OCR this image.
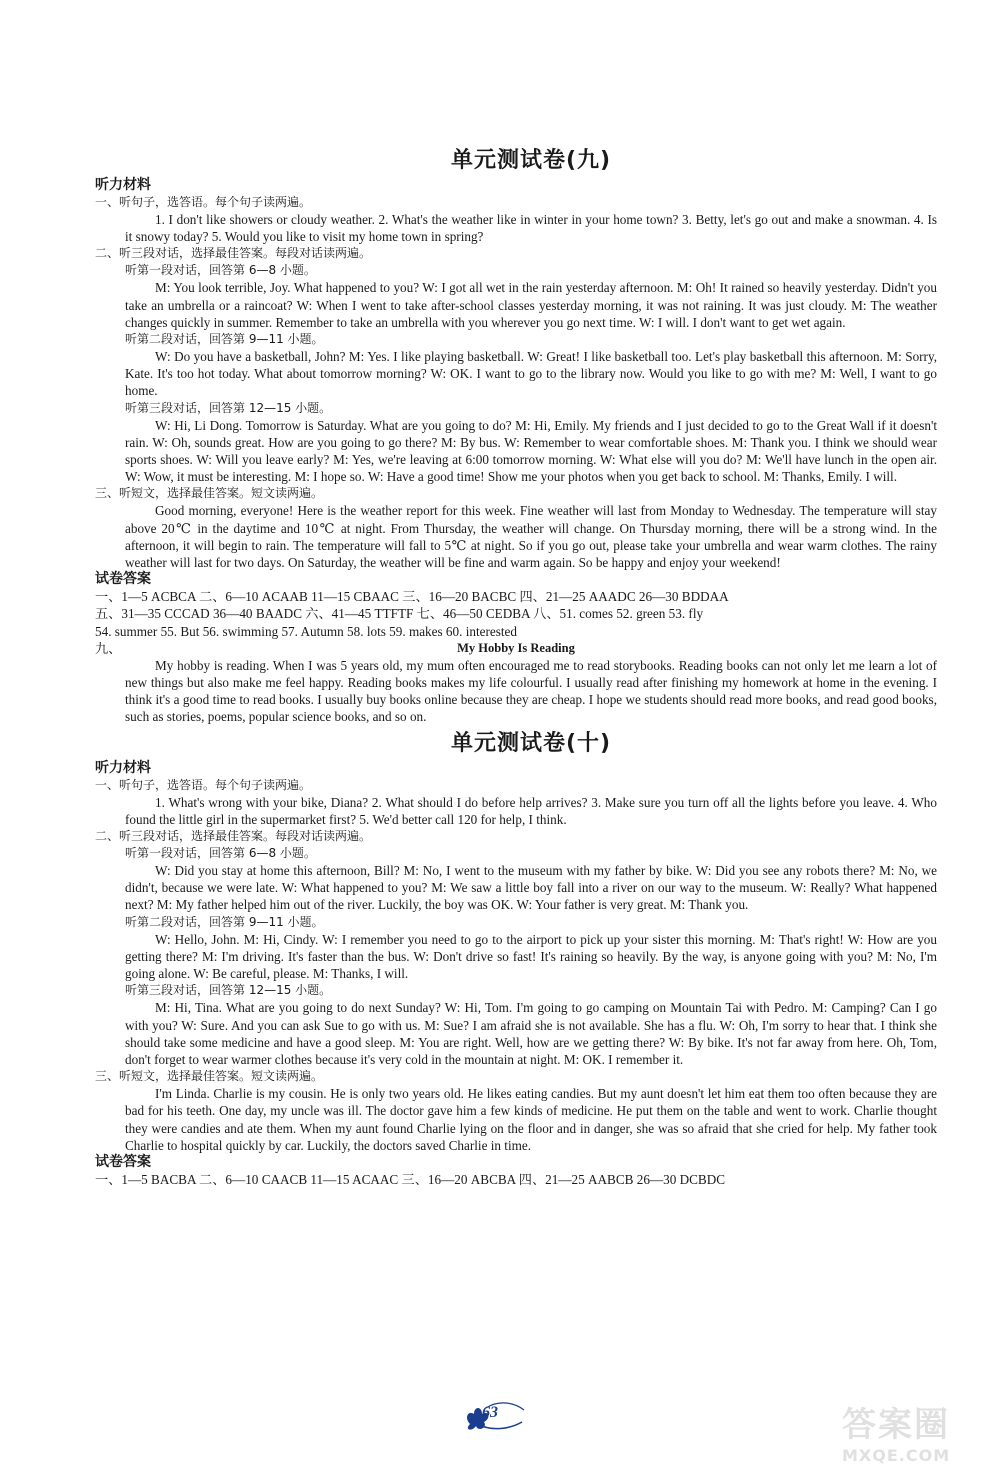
单元测试卷(九)
听力材料
一、听句子，选答语。每个句子读两遍。

1. I don't like showers or cloudy weather. 2. What's the weather like in winter in your home town? 3. Betty, let's go out and make a snowman. 4. Is it snowy today? 5. Would you like to visit my home town in spring?

二、听三段对话，选择最佳答案。每段对话读两遍。
听第一段对话，回答第 6—8 小题。

M: You look terrible, Joy. What happened to you? W: I got all wet in the rain yesterday afternoon. M: Oh! It rained so heavily yesterday. Didn't you take an umbrella or a raincoat? W: When I went to take after-school classes yesterday morning, it was not raining. It was just cloudy. M: The weather changes quickly in summer. Remember to take an umbrella with you wherever you go next time. W: I will. I don't want to get wet again.

听第二段对话，回答第 9—11 小题。

W: Do you have a basketball, John? M: Yes. I like playing basketball. W: Great! I like basketball too. Let's play basketball this afternoon. M: Sorry, Kate. It's too hot today. What about tomorrow morning? W: OK. I want to go to the library now. Would you like to go with me? M: Well, I want to go home.

听第三段对话，回答第 12—15 小题。

W: Hi, Li Dong. Tomorrow is Saturday. What are you going to do? M: Hi, Emily. My friends and I just decided to go to the Great Wall if it doesn't rain. W: Oh, sounds great. How are you going to go there? M: By bus. W: Remember to wear comfortable shoes. M: Thank you. I think we should wear sports shoes. W: Will you leave early? M: Yes, we're leaving at 6:00 tomorrow morning. W: What else will you do? M: We'll have lunch in the open air. W: Wow, it must be interesting. M: I hope so. W: Have a good time! Show me your photos when you get back to school. M: Thanks, Emily. I will.

三、听短文，选择最佳答案。短文读两遍。

Good morning, everyone! Here is the weather report for this week. Fine weather will last from Monday to Wednesday. The temperature will stay above 20℃ in the daytime and 10℃ at night. From Thursday, the weather will change. On Thursday morning, there will be a strong wind. In the afternoon, it will begin to rain. The temperature will fall to 5℃ at night. So if you go out, please take your umbrella and wear warm clothes. The rainy weather will last for two days. On Saturday, the weather will be fine and warm again. So be happy and enjoy your weekend!

试卷答案
一、1—5 ACBCA 二、6—10 ACAAB 11—15 CBAAC 三、16—20 BACBC 四、21—25 AAADC 26—30 BDDAA
五、31—35 CCCAD 36—40 BAADC 六、41—45 TTFTF 七、46—50 CEDBA 八、51. comes 52. green 53. fly
54. summer 55. But 56. swimming 57. Autumn 58. lots 59. makes 60. interested
九、	My Hobby Is Reading

My hobby is reading. When I was 5 years old, my mum often encouraged me to read storybooks. Reading books can not only let me learn a lot of new things but also make me feel happy. Reading books makes my life colourful. I usually read after finishing my homework at home in the evening. I think it's a good time to read books. I usually buy books online because they are cheap. I hope we students should read more books, and read good books, such as stories, poems, popular science books, and so on.

单元测试卷(十)
听力材料
一、听句子，选答语。每个句子读两遍。

1. What's wrong with your bike, Diana? 2. What should I do before help arrives? 3. Make sure you turn off all the lights before you leave. 4. Who found the little girl in the supermarket first? 5. We'd better call 120 for help, I think.

二、听三段对话，选择最佳答案。每段对话读两遍。
听第一段对话，回答第 6—8 小题。

W: Did you stay at home this afternoon, Bill? M: No, I went to the museum with my father by bike. W: Did you see any robots there? M: No, we didn't, because we were late. W: What happened to you? M: We saw a little boy fall into a river on our way to the museum. W: Really? What happened next? M: My father helped him out of the river. Luckily, the boy was OK. W: Your father is very great. M: Thank you.

听第二段对话，回答第 9—11 小题。

W: Hello, John. M: Hi, Cindy. W: I remember you need to go to the airport to pick up your sister this morning. M: That's right! W: How are you getting there? M: I'm driving. It's faster than the bus. W: Don't drive so fast! It's raining so heavily. By the way, is anyone going with you? M: No, I'm going alone. W: Be careful, please. M: Thanks, I will.

听第三段对话，回答第 12—15 小题。

M: Hi, Tina. What are you going to do next Sunday? W: Hi, Tom. I'm going to go camping on Mountain Tai with Pedro. M: Camping? Can I go with you? W: Sure. And you can ask Sue to go with us. M: Sue? I am afraid she is not available. She has a flu. W: Oh, I'm sorry to hear that. I think she should take some medicine and have a good sleep. M: You are right. Well, how are we getting there? W: By bike. It's not far away from here. Oh, Tom, don't forget to wear warmer clothes because it's very cold in the mountain at night. M: OK. I remember it.

三、听短文，选择最佳答案。短文读两遍。

I'm Linda. Charlie is my cousin. He is only two years old. He likes eating candies. But my aunt doesn't let him eat them too often because they are bad for his teeth. One day, my uncle was ill. The doctor gave him a few kinds of medicine. He put them on the table and went to work. Charlie thought they were candies and ate them. When my aunt found Charlie lying on the floor and in danger, she was so afraid that she cried for help. My father took Charlie to hospital quickly by car. Luckily, the doctors saved Charlie in time.

试卷答案
一、1—5 BACBA 二、6—10 CAACB 11—15 ACAAC 三、16—20 ABCBA 四、21—25 AABCB 26—30 DCBDC
63	答案圈
MXQE.COM
